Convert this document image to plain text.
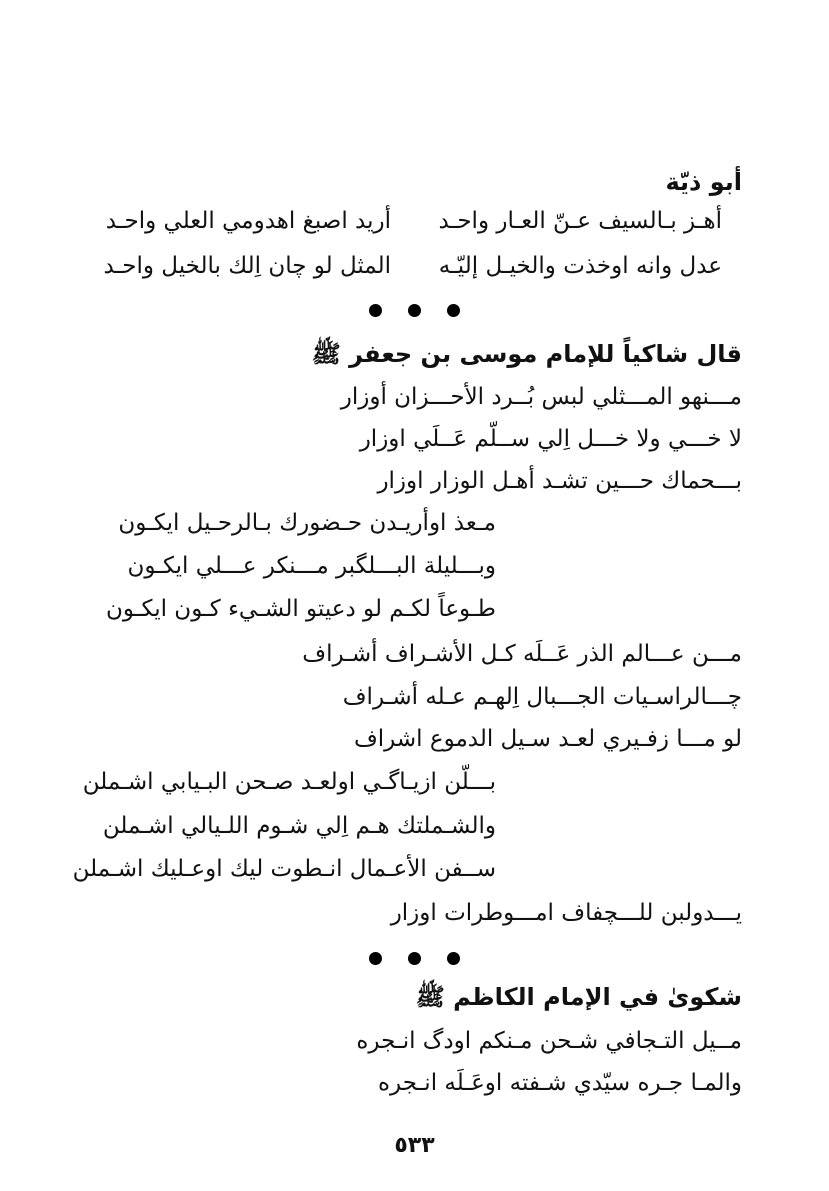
أبو ذيّة
أهـز بـالسيف عـنّ العـار واحـد
أريد اصبغ اهدومي العلي واحـد
عدل وانه اوخذت والخيـل إليّـه
المثل لو چان اِلك بالخيل واحـد
قال شاكياً للإمام موسى بن جعفر ﷺ
مـــنهو المـــثلي لبس بُــرد الأحـــزان أوزار
لا خـــي ولا خـــل اِلي ســلّم عَــلَي اوزار
بـــحماك حـــين تشـد أهـل الوزار اوزار
مـعذ اوأريـدن حـضورك بـالرحـيل ايكـون
وبـــليلة البـــلگبر مـــنكر عـــلي ايكـون
طـوعاً لكـم لو دعيتو الشـيء كـون ايكـون
مـــن عـــالم الذر عَــلَه كـل الأشـراف أشـراف
چـــالراسـيات الجـــبال اِلهـم عـله أشـراف
لو مـــا زفـيري لعـد سـيل الدموع اشراف
بـــلّن ازيـاگـي اولعـد صـحن البـيابي اشـملن
والشـملتك هـم اِلي شـوم اللـيالي اشـملن
ســفن الأعـمال انـطوت ليك اوعـليك اشـملن
يـــدولبن للـــچفاف امـــوطرات اوزار
شكوىٰ في الإمام الكاظم ﷺ
مــيل التـجافي شـحن مـنكم اودگ انـجره
والمـا جـره سيّدي شـفته اوعَـلَه انـجره
٥٣٣
